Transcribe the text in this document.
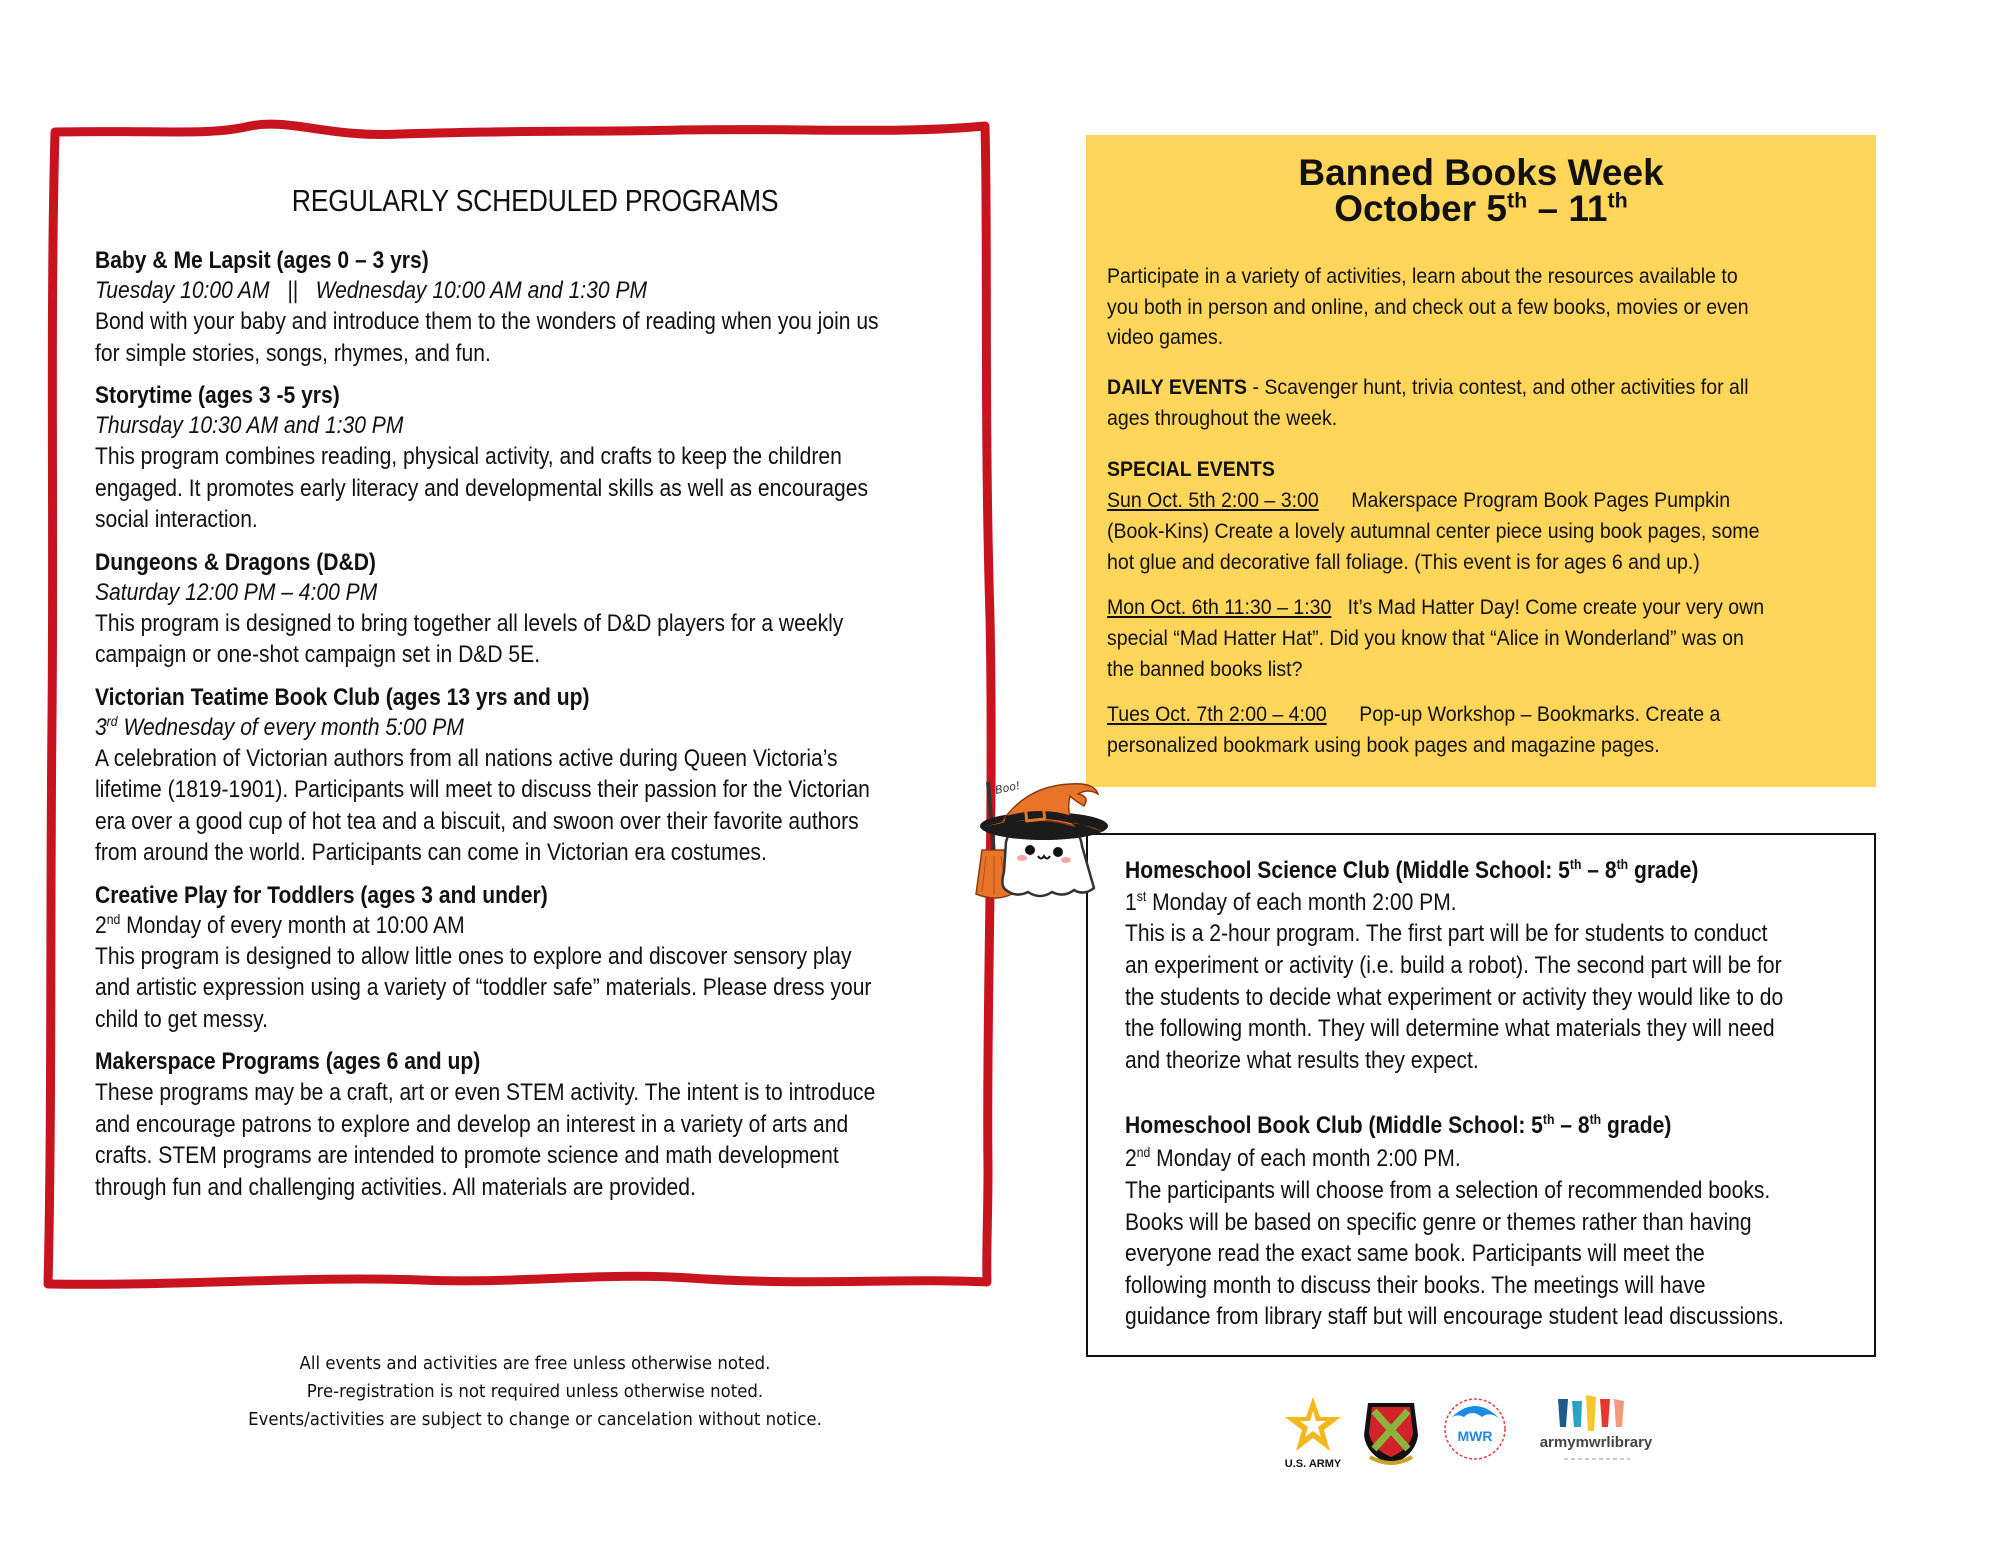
REGULARLY SCHEDULED PROGRAMS
Baby & Me Lapsit (ages 0 – 3 yrs)
Tuesday 10:00 AM   ||   Wednesday 10:00 AM and 1:30 PM
Bond with your baby and introduce them to the wonders of reading when you join us
for simple stories, songs, rhymes, and fun.
Storytime (ages 3 -5 yrs)
Thursday 10:30 AM and 1:30 PM
This program combines reading, physical activity, and crafts to keep the children
engaged. It promotes early literacy and developmental skills as well as encourages
social interaction.
Dungeons & Dragons (D&D)
Saturday 12:00 PM – 4:00 PM
This program is designed to bring together all levels of D&D players for a weekly
campaign or one-shot campaign set in D&D 5E.
Victorian Teatime Book Club (ages 13 yrs and up)
3rd Wednesday of every month 5:00 PM
A celebration of Victorian authors from all nations active during Queen Victoria’s
lifetime (1819-1901). Participants will meet to discuss their passion for the Victorian
era over a good cup of hot tea and a biscuit, and swoon over their favorite authors
from around the world. Participants can come in Victorian era costumes.
Creative Play for Toddlers (ages 3 and under)
2nd Monday of every month at 10:00 AM
This program is designed to allow little ones to explore and discover sensory play
and artistic expression using a variety of “toddler safe” materials. Please dress your
child to get messy.
Makerspace Programs (ages 6 and up)
These programs may be a craft, art or even STEM activity. The intent is to introduce
and encourage patrons to explore and develop an interest in a variety of arts and
crafts. STEM programs are intended to promote science and math development
through fun and challenging activities. All materials are provided.
Banned Books Week
October 5th – 11th
Participate in a variety of activities, learn about the resources available to
you both in person and online, and check out a few books, movies or even
video games.
DAILY EVENTS - Scavenger hunt, trivia contest, and other activities for all
ages throughout the week.
SPECIAL EVENTS
Sun Oct. 5th 2:00 – 3:00      Makerspace Program Book Pages Pumpkin
(Book-Kins) Create a lovely autumnal center piece using book pages, some
hot glue and decorative fall foliage. (This event is for ages 6 and up.)
Mon Oct. 6th 11:30 – 1:30   It’s Mad Hatter Day! Come create your very own
special “Mad Hatter Hat”. Did you know that “Alice in Wonderland” was on
the banned books list?
Tues Oct. 7th 2:00 – 4:00      Pop-up Workshop – Bookmarks. Create a
personalized bookmark using book pages and magazine pages.
Homeschool Science Club (Middle School: 5th – 8th grade)
1st Monday of each month 2:00 PM.
This is a 2-hour program. The first part will be for students to conduct
an experiment or activity (i.e. build a robot). The second part will be for
the students to decide what experiment or activity they would like to do
the following month. They will determine what materials they will need
and theorize what results they expect.
Homeschool Book Club (Middle School: 5th – 8th grade)
2nd Monday of each month 2:00 PM.
The participants will choose from a selection of recommended books.
Books will be based on specific genre or themes rather than having
everyone read the exact same book. Participants will meet the
following month to discuss their books. The meetings will have
guidance from library staff but will encourage student lead discussions.
Boo!
All events and activities are free unless otherwise noted.
Pre-registration is not required unless otherwise noted.
Events/activities are subject to change or cancelation without notice.
U.S. ARMY
MWR	armymwrlibrary
